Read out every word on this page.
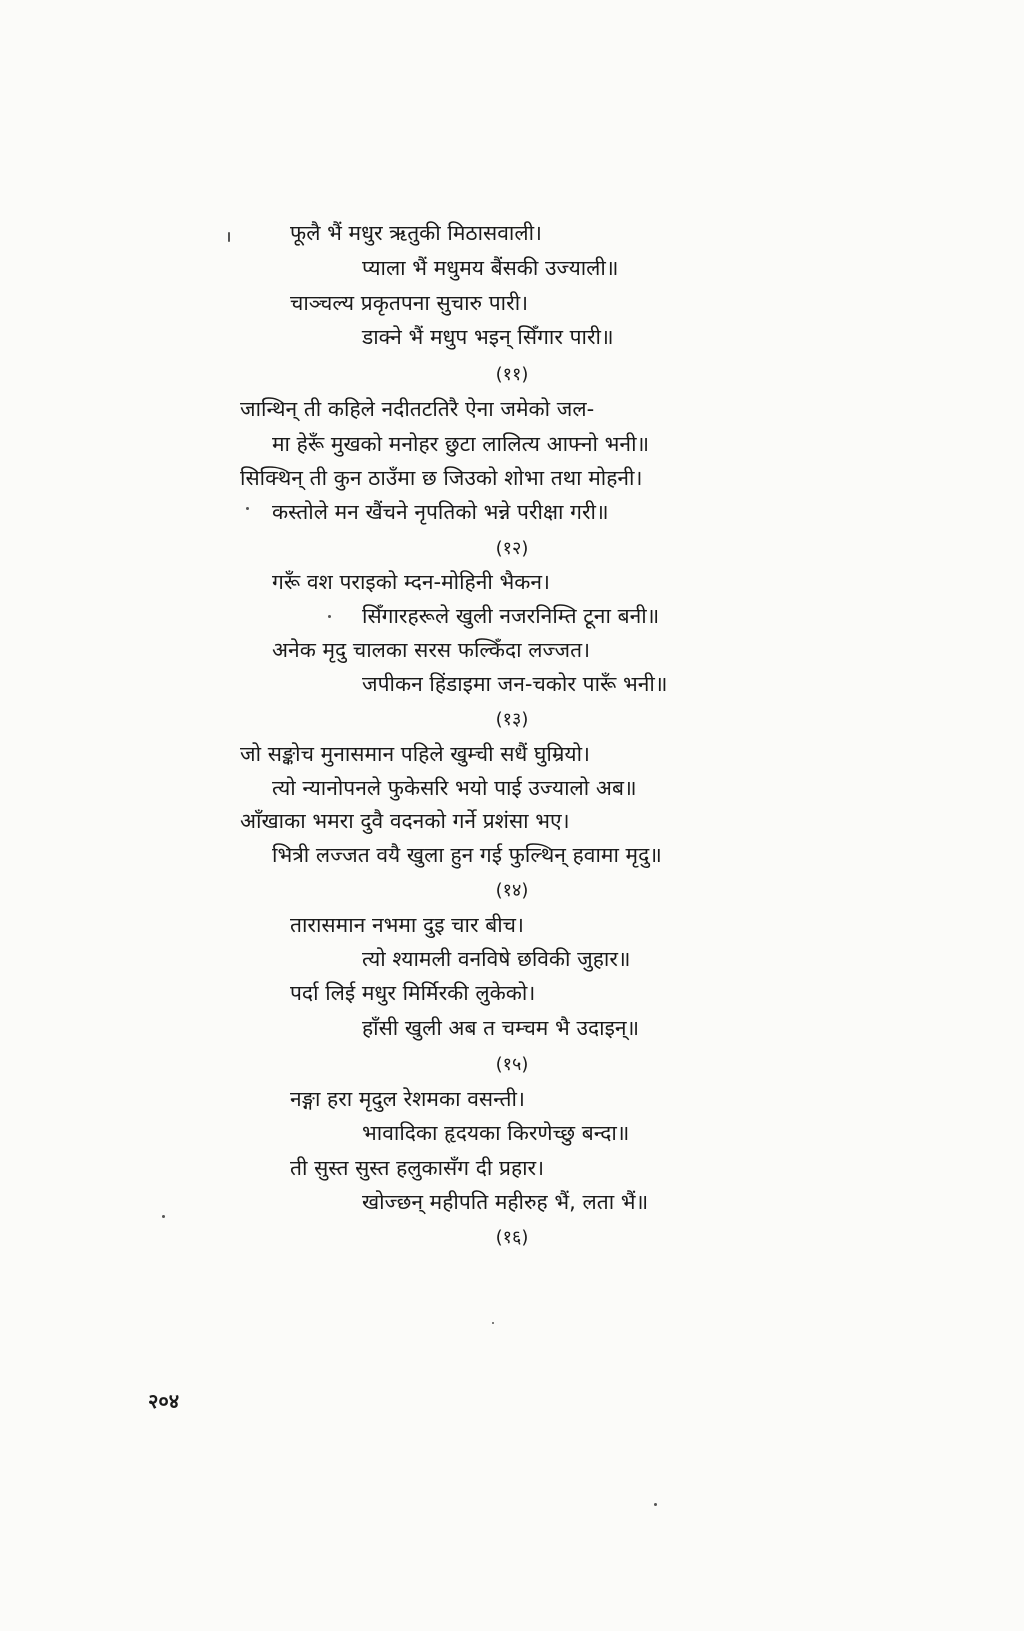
फूलै भैं मधुर ऋतुकी मिठासवाली।
प्याला भैं मधुमय बैंसकी उज्याली॥
चाञ्चल्य प्रकृतपना सुचारु पारी।
डाक्ने भैं मधुप भइन् सिँगार पारी॥
(११)
जान्थिन् ती कहिले नदीतटतिरै ऐना जमेको जल-
मा हेरूँ मुखको मनोहर छुटा लालित्य आफ्नो भनी॥
सिक्थिन् ती कुन ठाउँमा छ जिउको शोभा तथा मोहनी।
कस्तोले मन खैंचने नृपतिको भन्ने परीक्षा गरी॥
(१२)
गरूँ वश पराइको म्दन-मोहिनी भैकन।
सिँगारहरूले खुली नजरनिम्ति टूना बनी॥
अनेक मृदु चालका सरस फल्किँदा लज्जत।
जपीकन हिंडाइमा जन-चकोर पारूँ भनी॥
(१३)
जो सङ्कोच मुनासमान पहिले खुम्ची सधैं घुम्रियो।
त्यो न्यानोपनले फुकेसरि भयो पाई उज्यालो अब॥
आँखाका भमरा दुवै वदनको गर्ने प्रशंसा भए।
भित्री लज्जत वयै खुला हुन गई फुल्थिन् हवामा मृदु॥
(१४)
तारासमान नभमा दुइ चार बीच।
त्यो श्यामली वनविषे छविकी जुहार॥
पर्दा लिई मधुर मिर्मिरकी लुकेको।
हाँसी खुली अब त चम्चम भै उदाइन्॥
(१५)
नङ्गा हरा मृदुल रेशमका वसन्ती।
भावादिका हृदयका किरणेच्छु बन्दा॥
ती सुस्त सुस्त हलुकासँग दी प्रहार।
खोज्छन् महीपति महीरुह भैं, लता भैं॥
(१६)
२०४
